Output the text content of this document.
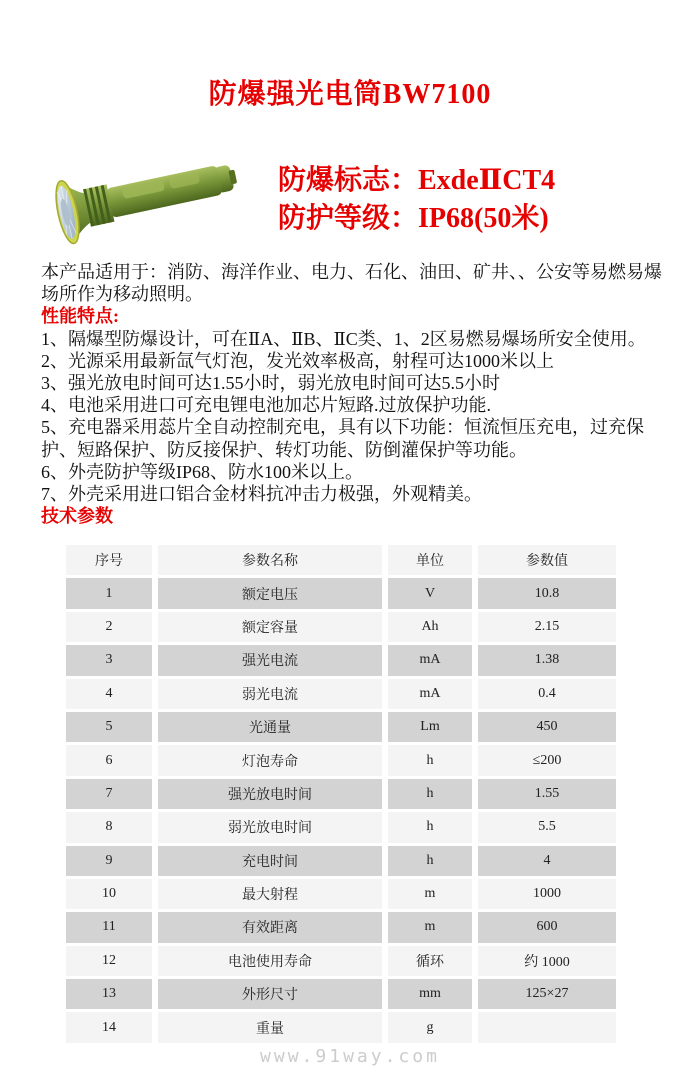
防爆强光电筒BW7100
防爆标志：ExdeⅡCT4
防护等级：IP68(50米)
本产品适用于：消防、海洋作业、电力、石化、油田、矿井、、公安等易燃易爆场所作为移动照明。
性能特点:
1、隔爆型防爆设计，可在ⅡA、ⅡB、ⅡC类、1、2区易燃易爆场所安全使用。
2、光源采用最新氙气灯泡，发光效率极高，射程可达1000米以上
3、强光放电时间可达1.55小时，弱光放电时间可达5.5小时
4、电池采用进口可充电锂电池加芯片短路.过放保护功能.
5、充电器采用蕊片全自动控制充电，具有以下功能：恒流恒压充电，过充保护、短路保护、防反接保护、转灯功能、防倒灌保护等功能。
6、外壳防护等级IP68、防水100米以上。
7、外壳采用进口铝合金材料抗冲击力极强，外观精美。
技术参数
序号	参数名称	单位	参数值
1	额定电压	V	10.8
2	额定容量	Ah	2.15
3	强光电流	mA	1.38
4	弱光电流	mA	0.4
5	光通量	Lm	450
6	灯泡寿命	h	≤200
7	强光放电时间	h	1.55
8	弱光放电时间	h	5.5
9	充电时间	h	4
10	最大射程	m	1000
11	有效距离	m	600
12	电池使用寿命	循环	约 1000
13	外形尺寸	mm	125×27
14	重量	g
www.91way.com
